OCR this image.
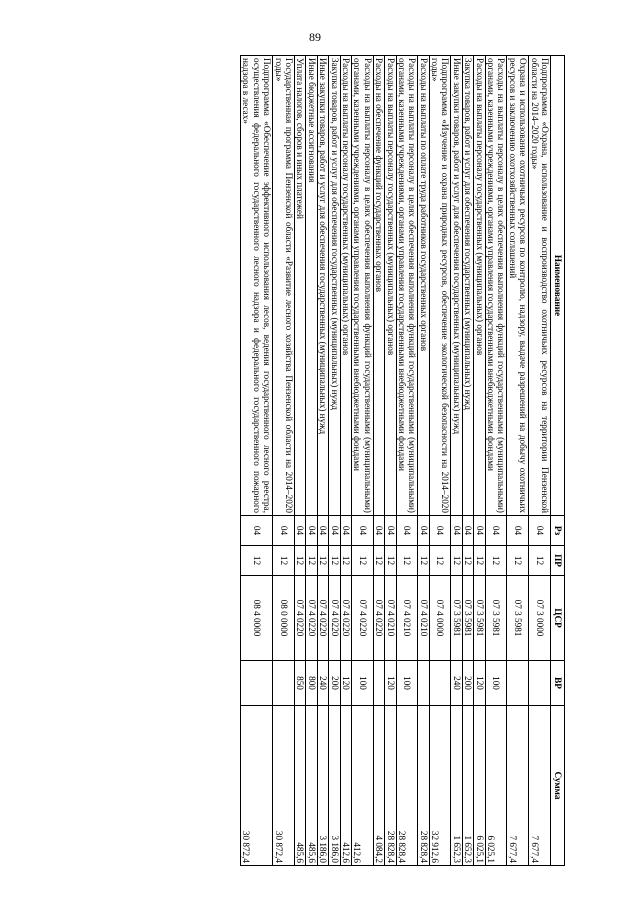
89
Наименование	Рз	ПР	ЦСР	ВР	Сумма
Подпрограмма «Охрана, использование и воспроизводство охотничьих ресурсов на территории Пензенской области на 2014–2020 годы»	04	12	07 3 0000		7 677,4
Охрана и использование охотничьих ресурсов по контролю, надзору, выдаче разрешений на добычу охотничьих ресурсов и заключению охотхозяйственных соглашений	04	12	07 3 5981		7 677,4
Расходы на выплаты персоналу в целях обеспечения выполнения функций государственными (муниципальными) органами, казенными учреждениями, органами управления государственными внебюджетными фондами	04	12	07 3 5981	100	6 025,1
Расходы на выплаты персоналу государственных (муниципальных) органов	04	12	07 3 5981	120	6 025,1
Закупка товаров, работ и услуг для обеспечения государственных (муниципальных) нужд	04	12	07 3 5981	200	1 652,3
Иные закупки товаров, работ и услуг для обеспечения государственных (муниципальных) нужд	04	12	07 3 5981	240	1 652,3
Подпрограмма «Изучение и охрана природных ресурсов, обеспечение экологической безопасности на 2014–2020 годы»	04	12	07 4 0000		32 912,6
Расходы на выплаты по оплате труда работников государственных органов	04	12	07 4 0210		28 828,4
Расходы на выплаты персоналу в целях обеспечения выполнения функций государственными (муниципальными) органами, казенными учреждениями, органами управления государственными внебюджетными фондами	04	12	07 4 0210	100	28 828,4
Расходы на выплаты персоналу государственных (муниципальных) органов	04	12	07 4 0210	120	28 828,4
Расходы на обеспечение функций государственных органов	04	12	07 4 0220		4 084,2
Расходы на выплаты персоналу в целях обеспечения выполнения функций государственными (муниципальными) органами, казенными учреждениями, органами управления государственными внебюджетными фондами	04	12	07 4 0220	100	412,6
Расходы на выплаты персоналу государственных (муниципальных) органов	04	12	07 4 0220	120	412,6
Закупка товаров, работ и услуг для обеспечения государственных (муниципальных) нужд	04	12	07 4 0220	200	3 186,0
Иные закупки товаров, работ и услуг для обеспечения государственных (муниципальных) нужд	04	12	07 4 0220	240	3 186,0
Иные бюджетные ассигнования	04	12	07 4 0220	800	485,6
Уплата налогов, сборов и иных платежей	04	12	07 4 0220	850	485,6
Государственная программа Пензенской области «Развитие лесного хозяйства Пензенской области на 2014–2020 годы»	04	12	08 0 0000		30 872,4
Подпрограмма «Обеспечение эффективного использования лесов, ведения государственного лесного реестра, осуществления федерального государственного лесного надзора и федерального государственного пожарного надзора в лесах»	04	12	08 4 0000		30 872,4
